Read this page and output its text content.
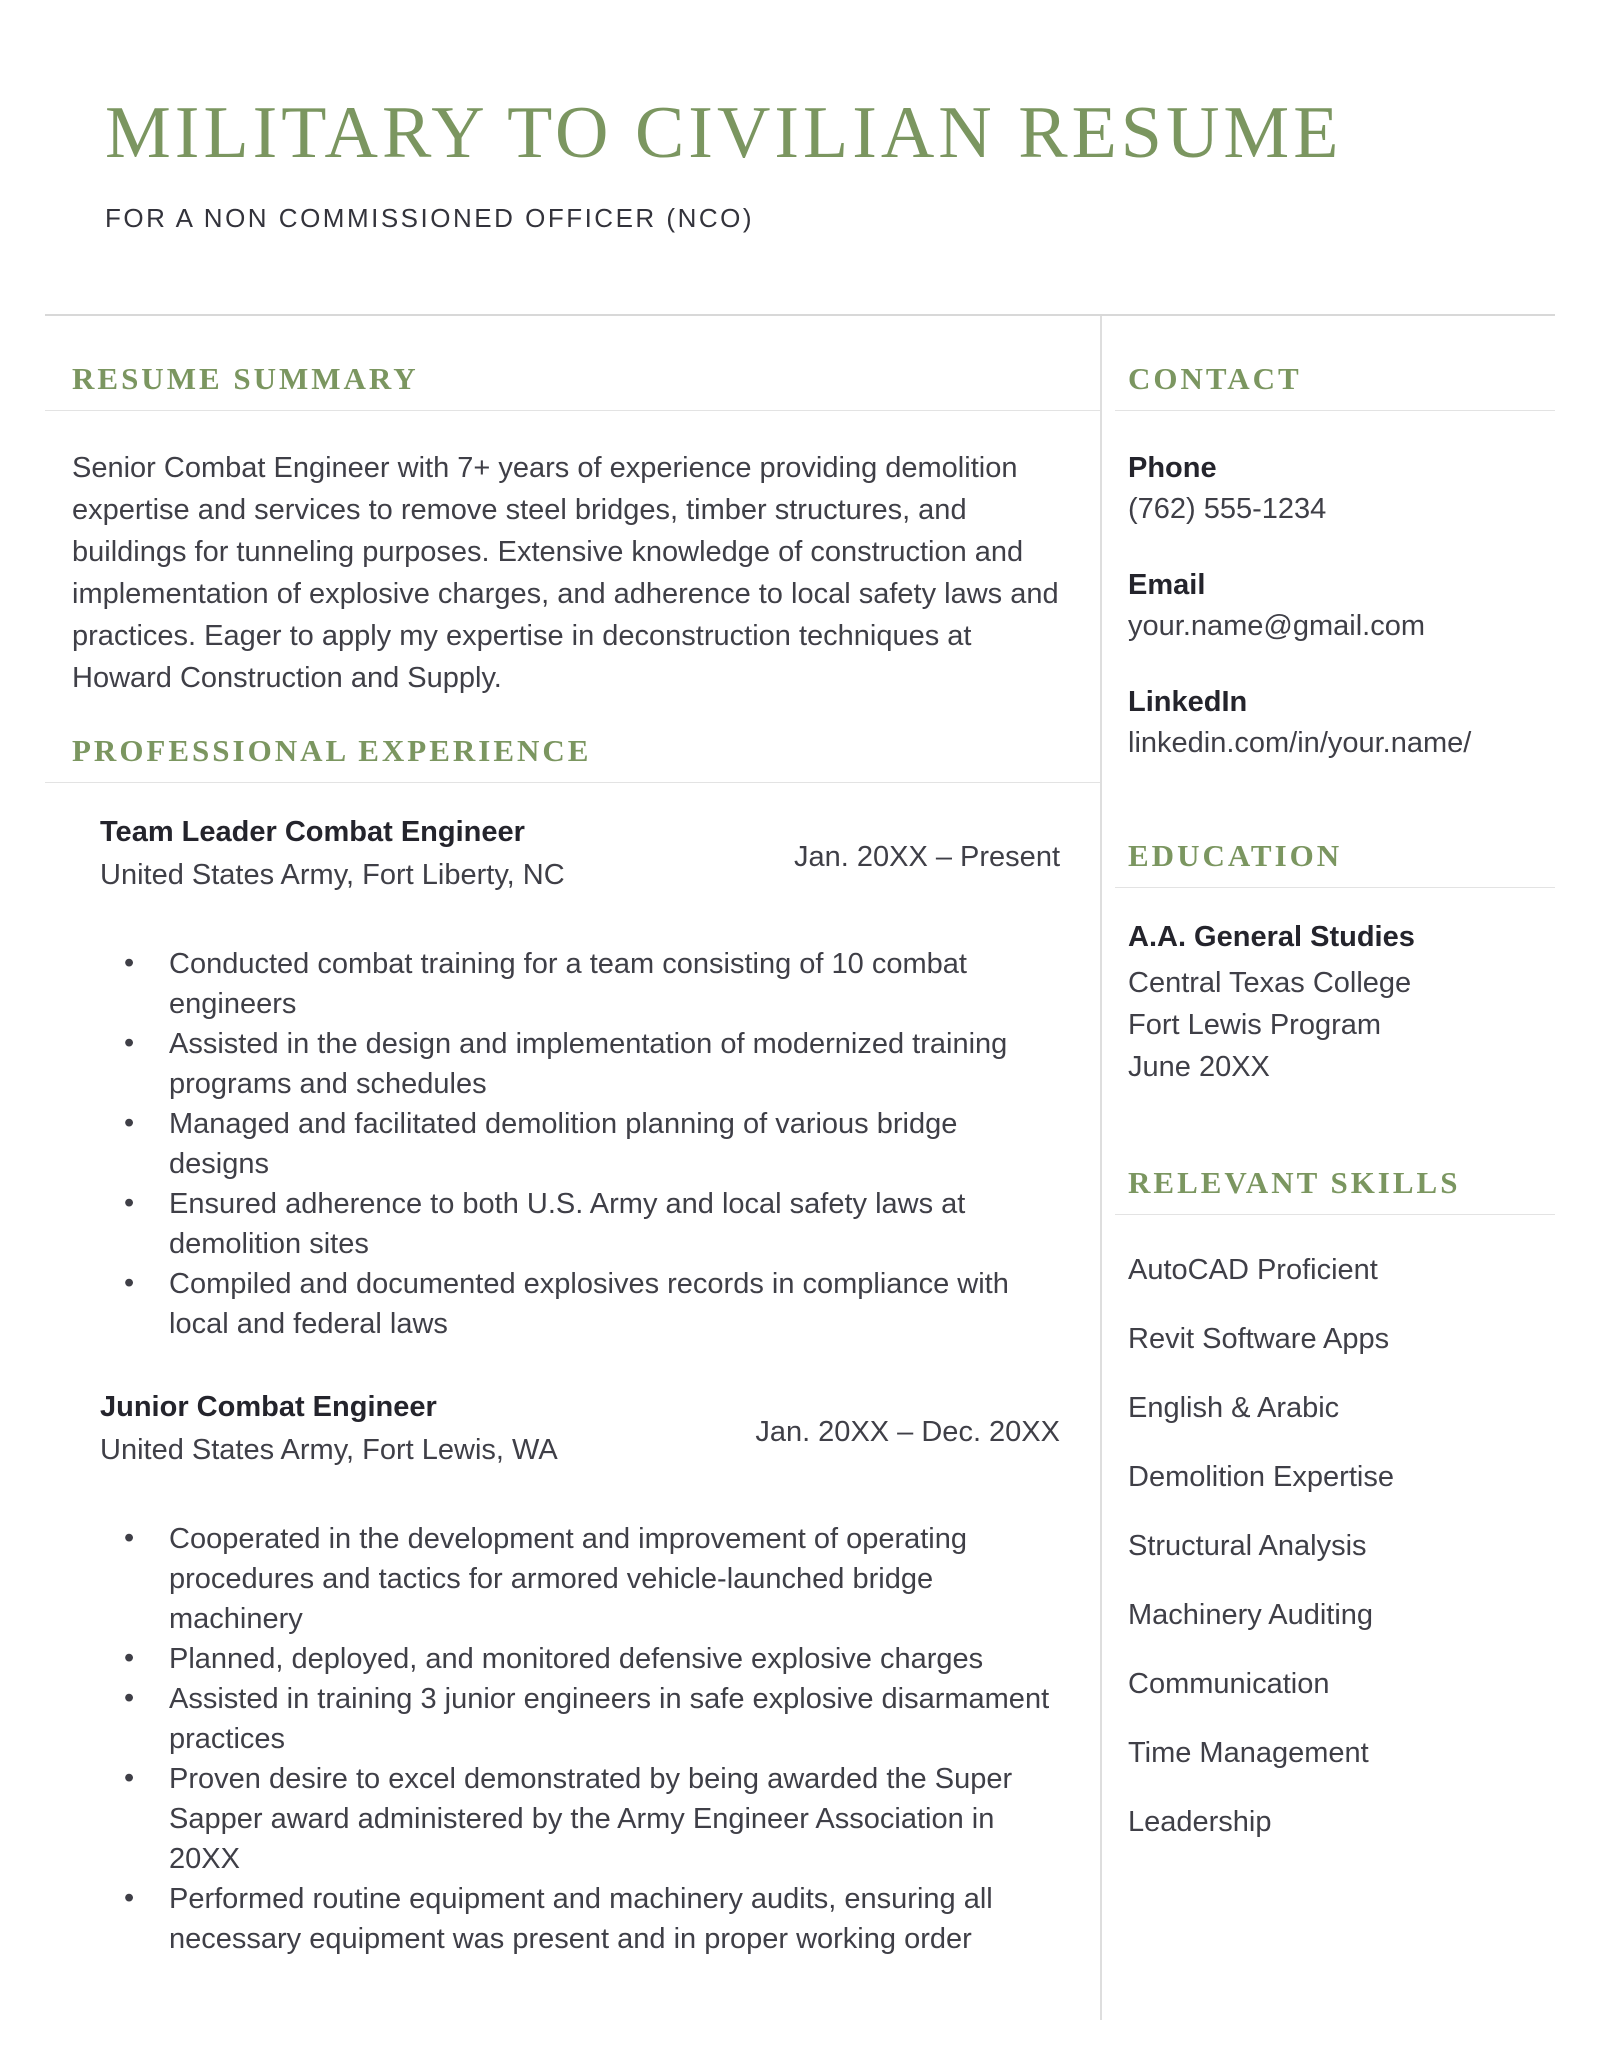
MILITARY TO CIVILIAN RESUME
FOR A NON COMMISSIONED OFFICER (NCO)
RESUME SUMMARY

Senior Combat Engineer with 7+ years of experience providing demolition expertise and services to remove steel bridges, timber structures, and buildings for tunneling purposes. Extensive knowledge of construction and implementation of explosive charges, and adherence to local safety laws and practices. Eager to apply my expertise in deconstruction techniques at Howard Construction and Supply.

PROFESSIONAL EXPERIENCE
Team Leader Combat Engineer
United States Army, Fort Liberty, NC
Jan. 20XX – Present
• Conducted combat training for a team consisting of 10 combat engineers
• Assisted in the design and implementation of modernized training programs and schedules
• Managed and facilitated demolition planning of various bridge designs
• Ensured adherence to both U.S. Army and local safety laws at demolition sites
• Compiled and documented explosives records in compliance with local and federal laws
Junior Combat Engineer
United States Army, Fort Lewis, WA
Jan. 20XX – Dec. 20XX
• Cooperated in the development and improvement of operating procedures and tactics for armored vehicle-launched bridge machinery
• Planned, deployed, and monitored defensive explosive charges
• Assisted in training 3 junior engineers in safe explosive disarmament practices
• Proven desire to excel demonstrated by being awarded the Super Sapper award administered by the Army Engineer Association in 20XX
• Performed routine equipment and machinery audits, ensuring all necessary equipment was present and in proper working order
CONTACT
Phone
(762) 555-1234
Email
your.name@gmail.com
LinkedIn
linkedin.com/in/your.name/
EDUCATION
A.A. General Studies
Central Texas College
Fort Lewis Program
June 20XX
RELEVANT SKILLS
AutoCAD Proficient
Revit Software Apps
English & Arabic
Demolition Expertise
Structural Analysis
Machinery Auditing
Communication
Time Management
Leadership
